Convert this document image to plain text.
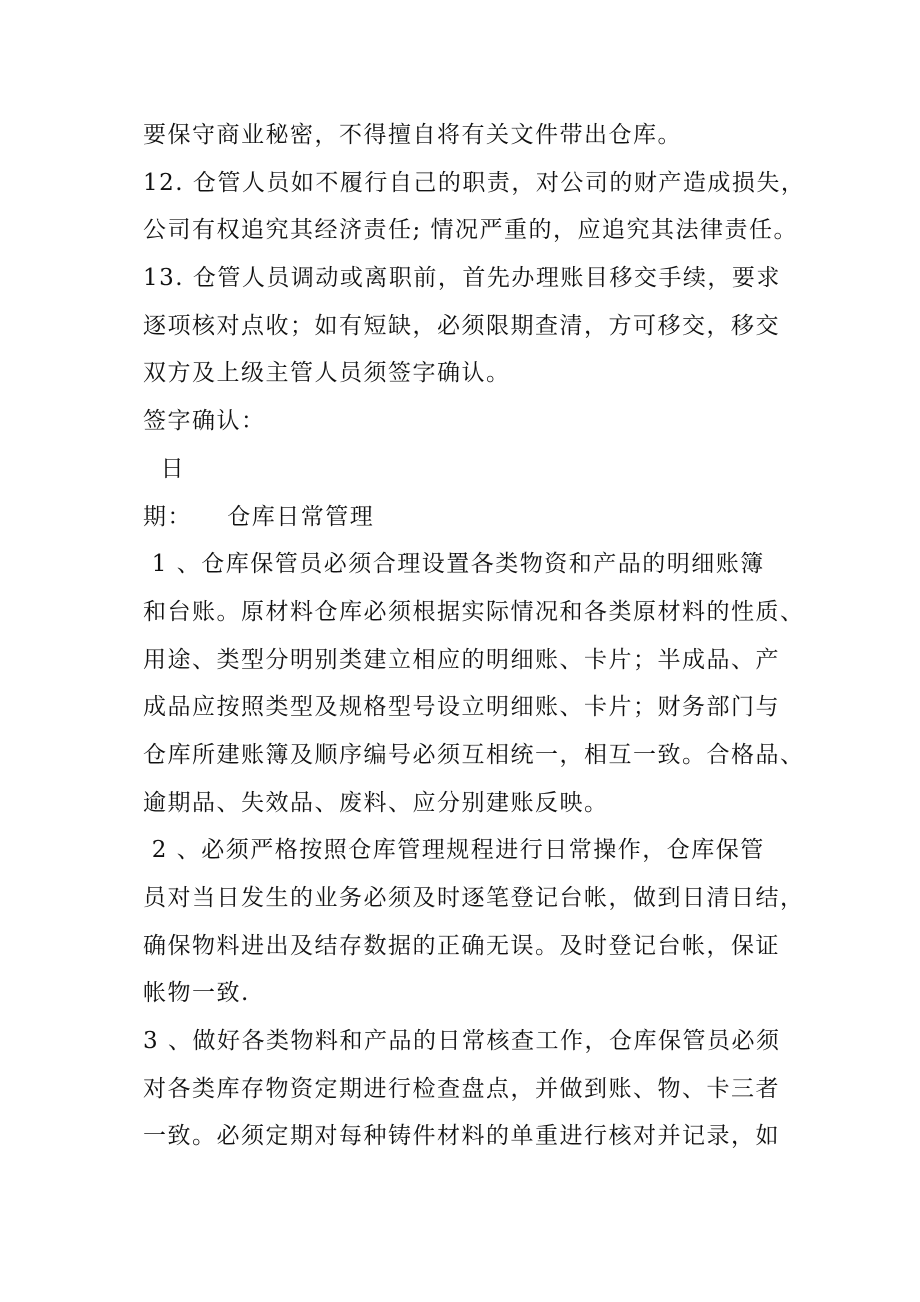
要保守商业秘密，不得擅自将有关文件带出仓库。
12. 仓管人员如不履行自己的职责，对公司的财产造成损失，
公司有权追究其经济责任; 情况严重的，应追究其法律责任。
13. 仓管人员调动或离职前，首先办理账目移交手续，要求
逐项核对点收；如有短缺，必须限期查清，方可移交，移交
双方及上级主管人员须签字确认。
签字确认：
日
期：    仓库日常管理
1 、仓库保管员必须合理设置各类物资和产品的明细账簿
和台账。原材料仓库必须根据实际情况和各类原材料的性质、
用途、类型分明别类建立相应的明细账、卡片；半成品、产
成品应按照类型及规格型号设立明细账、卡片；财务部门与
仓库所建账簿及顺序编号必须互相统一，相互一致。合格品、
逾期品、失效品、废料、应分别建账反映。
2 、必须严格按照仓库管理规程进行日常操作，仓库保管
员对当日发生的业务必须及时逐笔登记台帐，做到日清日结，
确保物料进出及结存数据的正确无误。及时登记台帐，保证
帐物一致.
3 、做好各类物料和产品的日常核查工作，仓库保管员必须
对各类库存物资定期进行检查盘点，并做到账、物、卡三者
一致。必须定期对每种铸件材料的单重进行核对并记录，如
